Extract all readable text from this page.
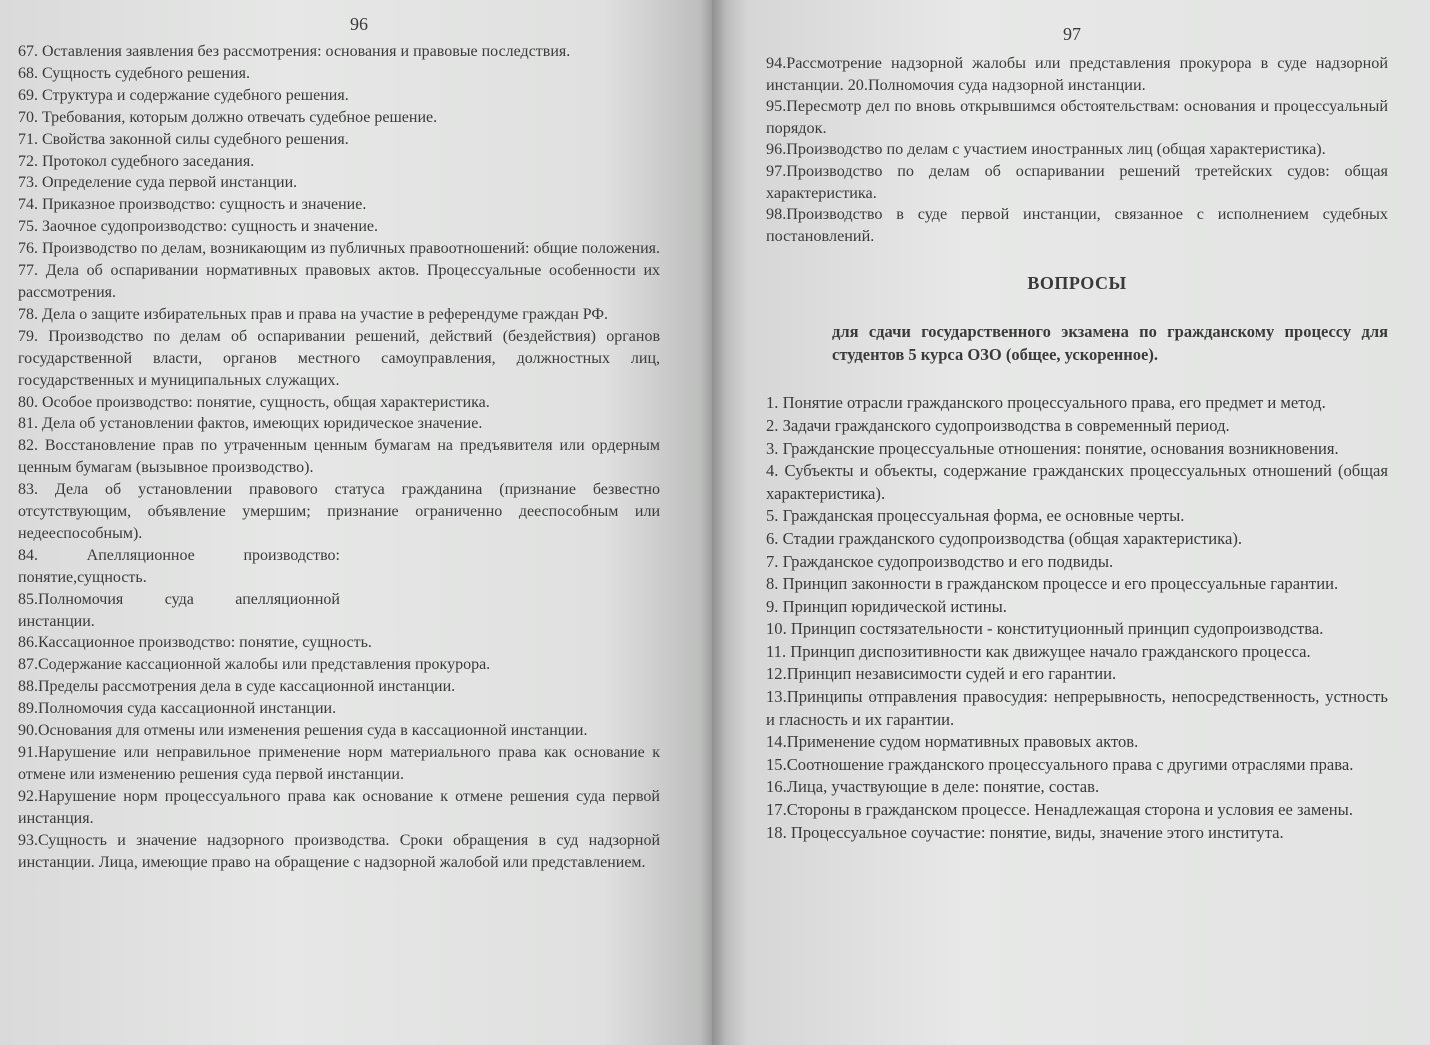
96

67. Оставления заявления без рассмотрения: основания и правовые последствия.

68. Сущность судебного решения.

69. Структура и содержание судебного решения.

70. Требования, которым должно отвечать судебное решение.

71. Свойства законной силы судебного решения.

72. Протокол судебного заседания.

73. Определение суда первой инстанции.

74. Приказное производство: сущность и значение.

75. Заочное судопроизводство: сущность и значение.

76. Производство по делам, возникающим из публичных правоотношений: общие положения.

77. Дела об оспаривании нормативных правовых актов. Процессуальные особенности их рассмотрения.

78. Дела о защите избирательных прав и права на участие в референдуме граждан РФ.

79. Производство по делам об оспаривании решений, действий (бездействия) органов государственной власти, органов местного самоуправления, должностных лиц, государственных и муниципальных служащих.

80. Особое производство: понятие, сущность, общая характеристика.

81. Дела об установлении фактов, имеющих юридическое значение.

82. Восстановление прав по утраченным ценным бумагам на предъявителя или ордерным ценным бумагам (вызывное производство).

83. Дела об установлении правового статуса гражданина (признание безвестно отсутствующим, объявление умершим; признание ограниченно дееспособным или недееспособным).

84. Апелляционное производство: понятие,сущность.

85.Полномочия суда апелляционной инстанции.

86.Кассационное производство: понятие, сущность.

87.Содержание кассационной жалобы или представления прокурора.

88.Пределы рассмотрения дела в суде кассационной инстанции.

89.Полномочия суда кассационной инстанции.

90.Основания для отмены или изменения решения суда в кассационной инстанции.

91.Нарушение или неправильное применение норм материального права как основание к отмене или изменению решения суда первой инстанции.

92.Нарушение норм процессуального права как основание к отмене решения суда первой инстанция.

93.Сущность и значение надзорного производства. Сроки обращения в суд надзорной инстанции. Лица, имеющие право на обращение с надзорной жалобой или представлением.

97

94.Рассмотрение надзорной жалобы или представления прокурора в суде надзорной инстанции. 20.Полномочия суда надзорной инстанции.

95.Пересмотр дел по вновь открывшимся обстоятельствам: основания и процессуальный порядок.

96.Производство по делам с участием иностранных лиц (общая характеристика).

97.Производство по делам об оспаривании решений третейских судов: общая характеристика.

98.Производство в суде первой инстанции, связанное с исполнением судебных постановлений.

ВОПРОСЫ
для сдачи государственного экзамена по гражданскому процессу для студентов 5 курса ОЗО (общее, ускоренное).

1. Понятие отрасли гражданского процессуального права, его предмет и метод.

2. Задачи гражданского судопроизводства в современный период.

3. Гражданские процессуальные отношения: понятие, основания возникновения.

4. Субъекты и объекты, содержание гражданских процессуальных отношений (общая характеристика).

5. Гражданская процессуальная форма, ее основные черты.

6. Стадии гражданского судопроизводства (общая характеристика).

7. Гражданское судопроизводство и его подвиды.

8. Принцип законности в гражданском процессе и его процессуальные гарантии.

9. Принцип юридической истины.

10. Принцип состязательности - конституционный принцип судопроизводства.

11. Принцип диспозитивности как движущее начало гражданского процесса.

12.Принцип независимости судей и его гарантии.

13.Принципы отправления правосудия: непрерывность, непосредственность, устность и гласность и их гарантии.

14.Применение судом нормативных правовых актов.

15.Соотношение гражданского процессуального права с другими отраслями права.

16.Лица, участвующие в деле: понятие, состав.

17.Стороны в гражданском процессе. Ненадлежащая сторона и условия ее замены.

18. Процессуальное соучастие: понятие, виды, значение этого института.
